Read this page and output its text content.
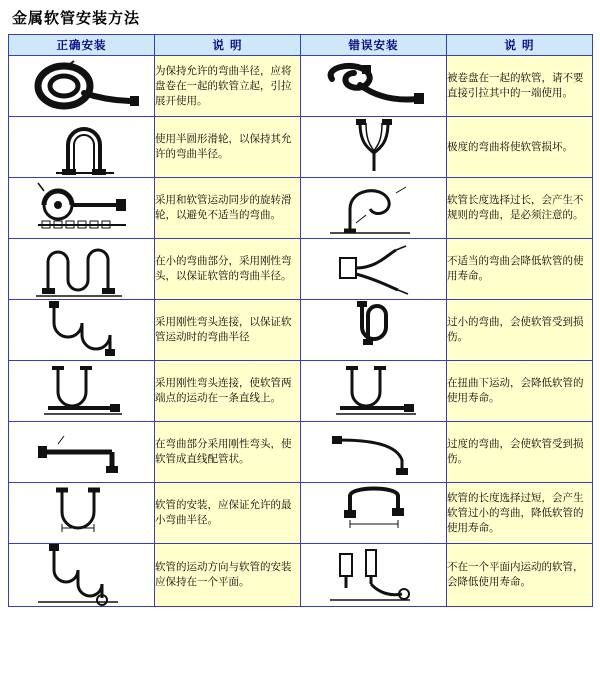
金属软管安装方法
正确安装	说 明	错误安装	说 明

	为保持允许的弯曲半径，应将盘卷在一起的软管立起，引拉展开使用。		被卷盘在一起的软管，请不要直接引拉其中的一端使用。

	使用半圆形滑轮，以保持其允许的弯曲半径。		极度的弯曲将使软管损坏。

	采用和软管运动同步的旋转滑轮，以避免不适当的弯曲。		软管长度选择过长，会产生不规则的弯曲，是必须注意的。

	在小的弯曲部分，采用刚性弯头，以保证软管的弯曲半径。		不适当的弯曲会降低软管的使用寿命。

	采用刚性弯头连接，以保证软管运动时的弯曲半径		过小的弯曲，会使软管受到损伤。

	采用刚性弯头连接，使软管两端点的运动在一条直线上。		在扭曲下运动，会降低软管的使用寿命。

	在弯曲部分采用刚性弯头，使软管成直线配管状。		过度的弯曲，会使软管受到损伤。

	软管的安装，应保证允许的最小弯曲半径。		软管的长度选择过短，会产生软管过小的弯曲，降低软管的使用寿命。

	软管的运动方向与软管的安装应保持在一个平面。		不在一个平面内运动的软管，会降低使用寿命。
